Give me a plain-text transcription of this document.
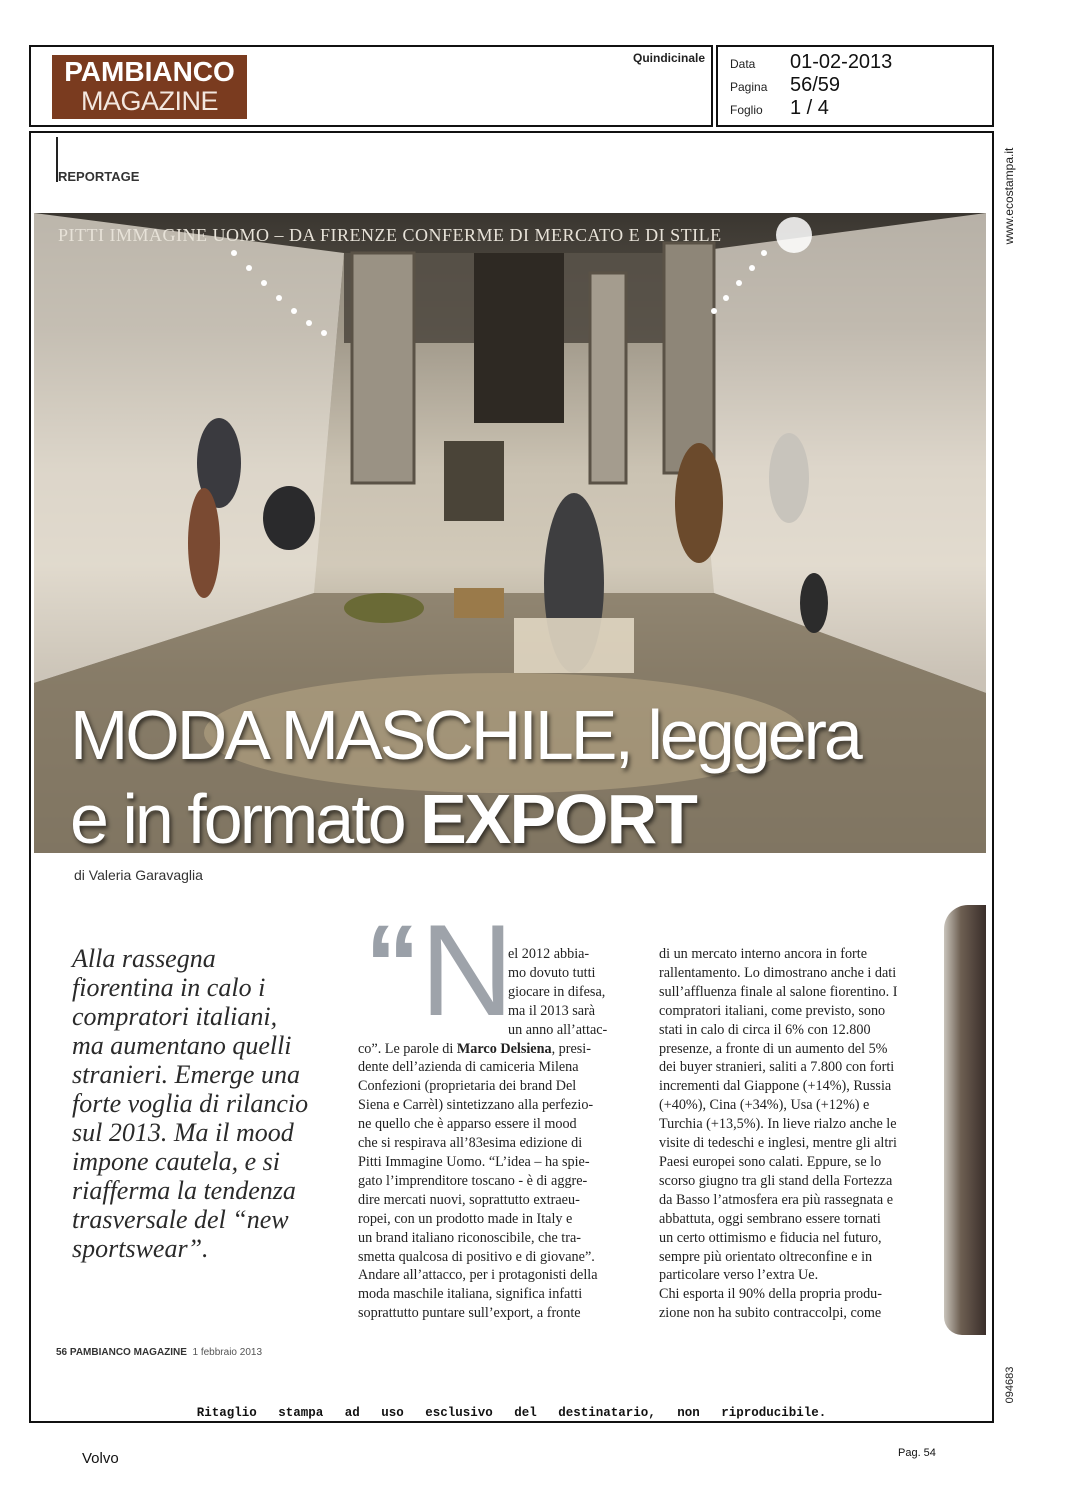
PAMBIANCO
MAGAZINE
Quindicinale Data	01-02-2013
Pagina	56/59
Foglio	1 / 4
www.ecostampa.it
094683
REPORTAGE
PITTI IMMAGINE UOMO – DA FIRENZE CONFERME DI MERCATO E DI STILE
MODA MASCHILE, leggera
e in formato EXPORT
di Valeria Garavaglia
Alla rassegna
fiorentina in calo i
compratori italiani,
ma aumentano quelli
stranieri. Emerge una
forte voglia di rilancio
sul 2013. Ma il mood
impone cautela, e si
riafferma la tendenza
trasversale del “new
sportswear”.
“ N
el 2012 abbia-
mo dovuto tutti
giocare in difesa,
ma il 2013 sarà
un anno all’attac-
co”. Le parole di Marco Delsiena, presi-
dente dell’azienda di camiceria Milena
Confezioni (proprietaria dei brand Del
Siena e Carrèl) sintetizzano alla perfezio-
ne quello che è apparso essere il mood
che si respirava all’83esima edizione di
Pitti Immagine Uomo. “L’idea – ha spie-
gato l’imprenditore toscano - è di aggre-
dire mercati nuovi, soprattutto extraeu-
ropei, con un prodotto made in Italy e
un brand italiano riconoscibile, che tra-
smetta qualcosa di positivo e di giovane”.
Andare all’attacco, per i protagonisti della
moda maschile italiana, significa infatti
soprattutto puntare sull’export, a fronte
di un mercato interno ancora in forte
rallentamento. Lo dimostrano anche i dati
sull’affluenza finale al salone fiorentino. I
compratori italiani, come previsto, sono
stati in calo di circa il 6% con 12.800
presenze, a fronte di un aumento del 5%
dei buyer stranieri, saliti a 7.800 con forti
incrementi dal Giappone (+14%), Russia
(+40%), Cina (+34%), Usa (+12%) e
Turchia (+13,5%). In lieve rialzo anche le
visite di tedeschi e inglesi, mentre gli altri
Paesi europei sono calati. Eppure, se lo
scorso giugno tra gli stand della Fortezza
da Basso l’atmosfera era più rassegnata e
abbattuta, oggi sembrano essere tornati
un certo ottimismo e fiducia nel futuro,
sempre più orientato oltreconfine e in
particolare verso l’extra Ue.
Chi esporta il 90% della propria produ-
zione non ha subito contraccolpi, come
56 PAMBIANCO MAGAZINE 1 febbraio 2013
Ritaglio stampa ad uso esclusivo del destinatario, non riproducibile.
Volvo	Pag. 54
